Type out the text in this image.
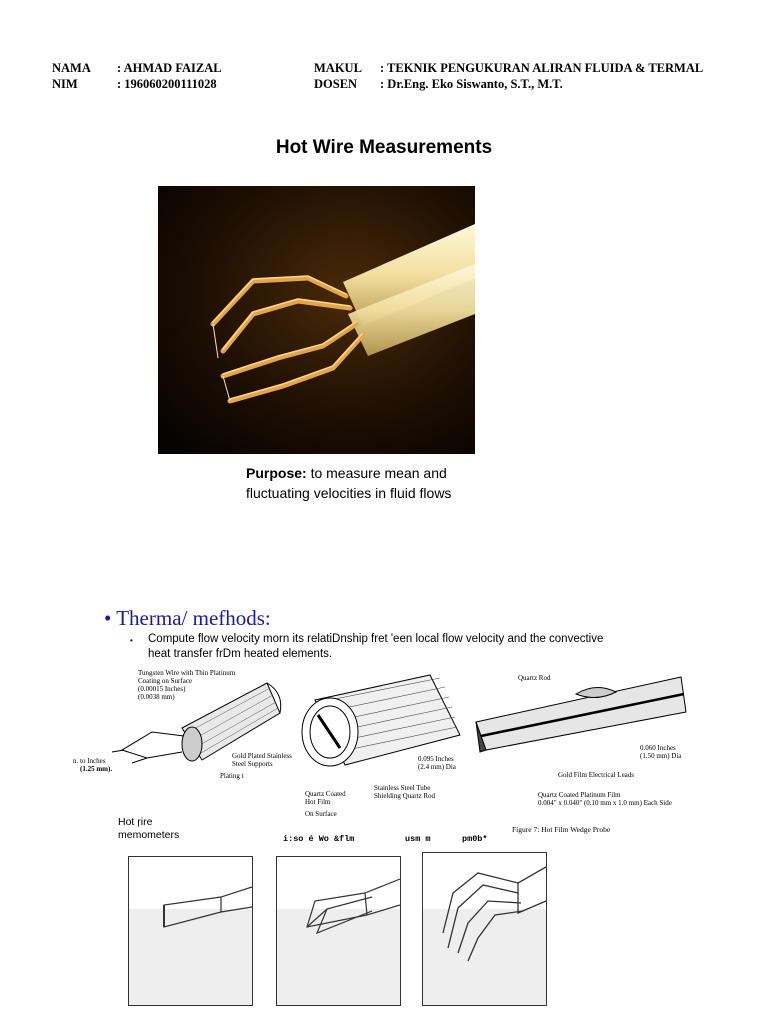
NAMA : AHMAD FAIZAL
NIM	: 196060200111028
MAKUL : TEKNIK PENGUKURAN ALIRAN FLUIDA & TERMAL
DOSEN : Dr.Eng. Eko Siswanto, S.T., M.T.
Hot Wire Measurements
Purpose: to measure mean and
fluctuating velocities in fluid flows
• Therma/ mefhods:
• Compute flow velocity morn its relatiDnship fret 'een local flow velocity and the convective
heat transfer frDm heated elements.
Tungsten Wire with Thin Platinum
Coating on Surface
(0.00015 Inches)
(0.0038 mm)
Gold Plated Stainless
Steel Supports
Plating t
n. to Inches
(1.25 mm).
0.095 Inches
(2.4 mm) Dia
Stainless Steel Tube
Shielding Quartz Rod
Quartz Coated
Hot Film
On Surface
Quartz Rod
0.060 Inches
(1.50 mm) Dia
Gold Film Electrical Leads
Quartz Coated Platinum Film
0.004" x 0.040" (0.10 mm x 1.0 mm) Each Side
Figure 7: Hot Film Wedge Probe
Hot ŗire
memometers	i:so é Wo &flm	usm m	pm0b*
